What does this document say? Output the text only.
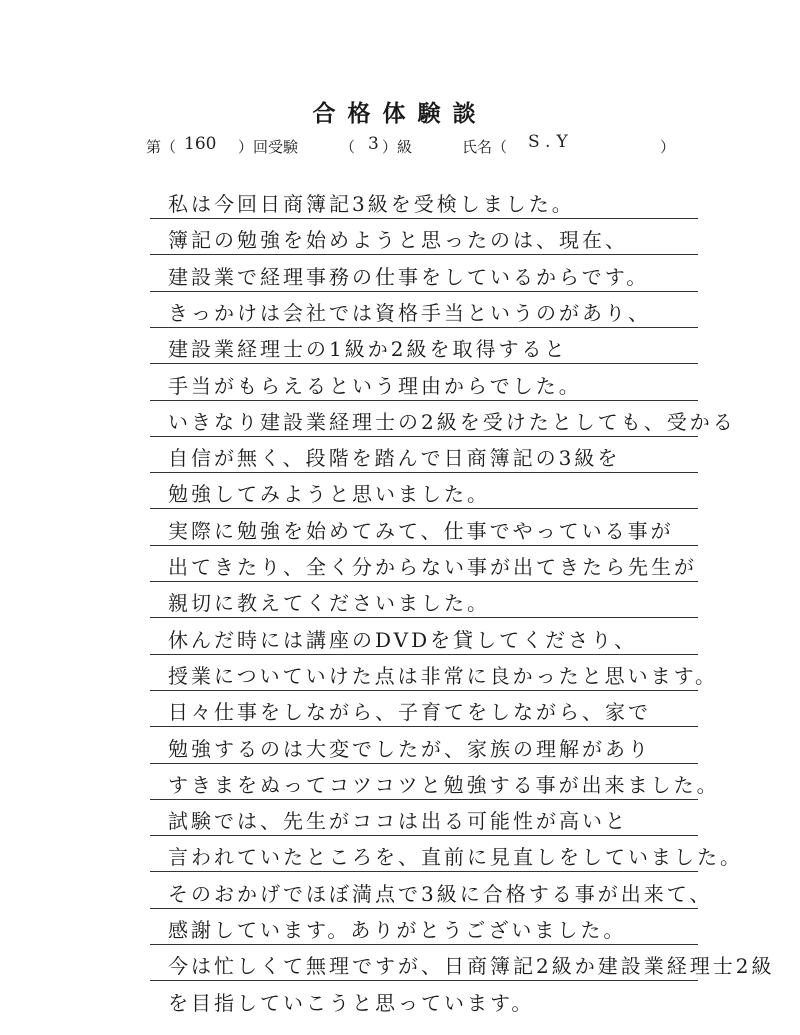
合格体験談
第（ 160 ）回受験	（ 3 ）級	氏名（ S.Y	）
私は今回日商簿記3級を受検しました。
簿記の勉強を始めようと思ったのは、現在、
建設業で経理事務の仕事をしているからです。
きっかけは会社では資格手当というのがあり、
建設業経理士の1級か2級を取得すると
手当がもらえるという理由からでした。
いきなり建設業経理士の2級を受けたとしても、受かる
自信が無く、段階を踏んで日商簿記の3級を
勉強してみようと思いました。
実際に勉強を始めてみて、仕事でやっている事が
出てきたり、全く分からない事が出てきたら先生が
親切に教えてくださいました。
休んだ時には講座のDVDを貸してくださり、
授業についていけた点は非常に良かったと思います。
日々仕事をしながら、子育てをしながら、家で
勉強するのは大変でしたが、家族の理解があり
すきまをぬってコツコツと勉強する事が出来ました。
試験では、先生がココは出る可能性が高いと
言われていたところを、直前に見直しをしていました。
そのおかげでほぼ満点で3級に合格する事が出来て、
感謝しています。ありがとうございました。
今は忙しくて無理ですが、日商簿記2級か建設業経理士2級
を目指していこうと思っています。
